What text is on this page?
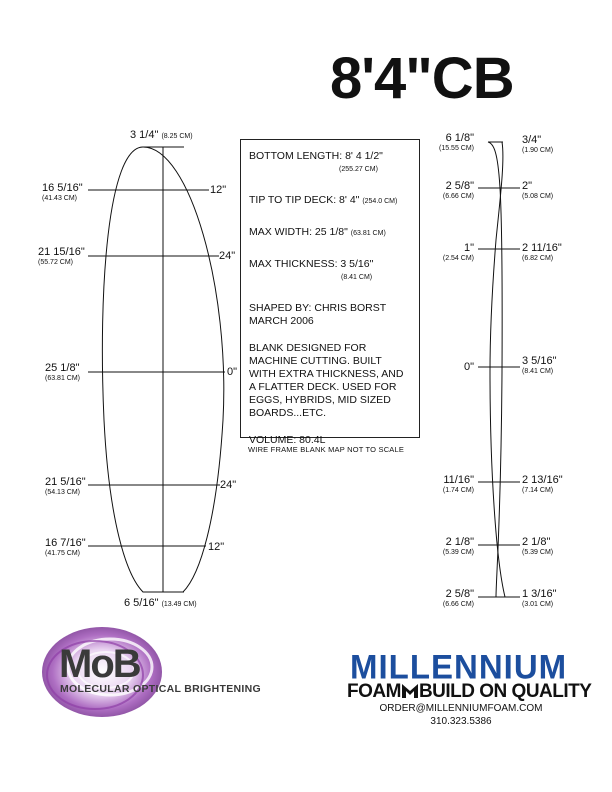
8'4"CB
3 1/4" (8.25 CM)
6 5/16" (13.49 CM)
16 5/16"
(41.43 CM)
12"
21 15/16"
(55.72 CM)
24"
25 1/8"
(63.81 CM)
0"
21 5/16"
(54.13 CM)
24"
16 7/16"
(41.75 CM)
12"
BOTTOM LENGTH: 8' 4 1/2"
(255.27 CM)
TIP TO TIP DECK: 8' 4" (254.0 CM)
MAX WIDTH: 25 1/8" (63.81 CM)
MAX THICKNESS: 3 5/16"
(8.41 CM)
SHAPED BY: CHRIS BORST
MARCH 2006
BLANK DESIGNED FOR MACHINE CUTTING. BUILT WITH EXTRA THICKNESS, AND A FLATTER DECK. USED FOR EGGS, HYBRIDS, MID SIZED BOARDS...ETC.
VOLUME: 80.4L
WIRE FRAME BLANK MAP NOT TO SCALE
6 1/8"
(15.55 CM)
3/4"
(1.90 CM)
2 5/8"
(6.66 CM)
2"
(5.08 CM)
1"
(2.54 CM)
2 11/16"
(6.82 CM)
0"	3 5/16"
(8.41 CM)
11/16"
(1.74 CM)
2 13/16"
(7.14 CM)
2 1/8"
(5.39 CM)
2 1/8"
(5.39 CM)
2 5/8"
(6.66 CM)
1 3/16"
(3.01 CM)
MoB
MOLECULAR OPTICAL BRIGHTENING
MILLENNIUM
FOAM BUILD ON QUALITY
ORDER@MILLENNIUMFOAM.COM
310.323.5386
